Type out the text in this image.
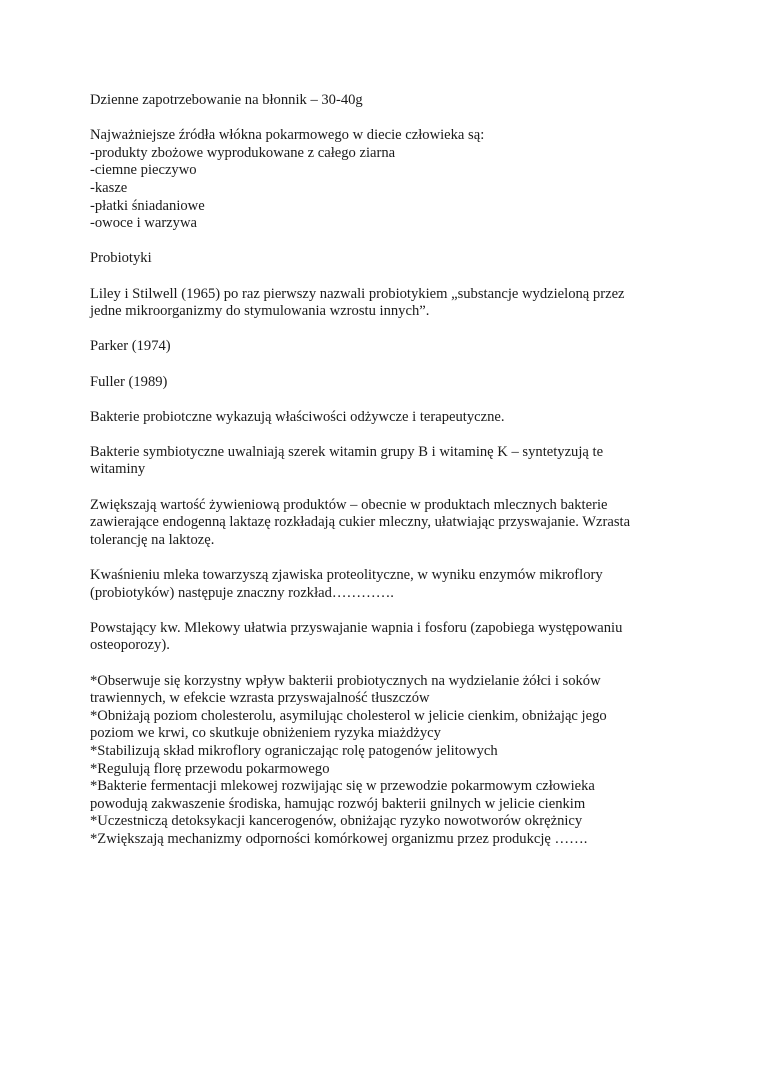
Dzienne zapotrzebowanie na błonnik – 30-40g

Najważniejsze źródła włókna pokarmowego w diecie człowieka są:
-produkty zbożowe wyprodukowane z całego ziarna
-ciemne pieczywo
-kasze
-płatki śniadaniowe
-owoce i warzywa

Probiotyki

Liley i Stilwell (1965) po raz pierwszy nazwali probiotykiem „substancje wydzieloną przez
jedne mikroorganizmy do stymulowania wzrostu innych”.

Parker (1974)

Fuller (1989)

Bakterie probiotczne wykazują właściwości odżywcze i terapeutyczne.

Bakterie symbiotyczne uwalniają szerek witamin grupy B i witaminę K – syntetyzują te
witaminy

Zwiększają wartość żywieniową produktów – obecnie w produktach mlecznych bakterie
zawierające endogenną laktazę rozkładają cukier mleczny, ułatwiając przyswajanie. Wzrasta
tolerancję na laktozę.

Kwaśnieniu mleka towarzyszą zjawiska proteolityczne, w wyniku enzymów mikroflory
(probiotyków) następuje znaczny rozkład………….

Powstający kw. Mlekowy ułatwia przyswajanie wapnia i fosforu (zapobiega występowaniu
osteoporozy).

*Obserwuje się korzystny wpływ bakterii probiotycznych na wydzielanie żółci i soków
trawiennych, w efekcie wzrasta przyswajalność tłuszczów
*Obniżają poziom cholesterolu, asymilując cholesterol w jelicie cienkim, obniżając jego
poziom we krwi, co skutkuje obniżeniem ryzyka miażdżycy
*Stabilizują skład mikroflory ograniczając rolę patogenów jelitowych
*Regulują florę przewodu pokarmowego
*Bakterie fermentacji mlekowej rozwijając się w przewodzie pokarmowym człowieka
powodują zakwaszenie środiska, hamując rozwój bakterii gnilnych w jelicie cienkim
*Uczestniczą detoksykacji kancerogenów, obniżając ryzyko nowotworów okrężnicy
*Zwiększają mechanizmy odporności komórkowej organizmu przez produkcję …….
